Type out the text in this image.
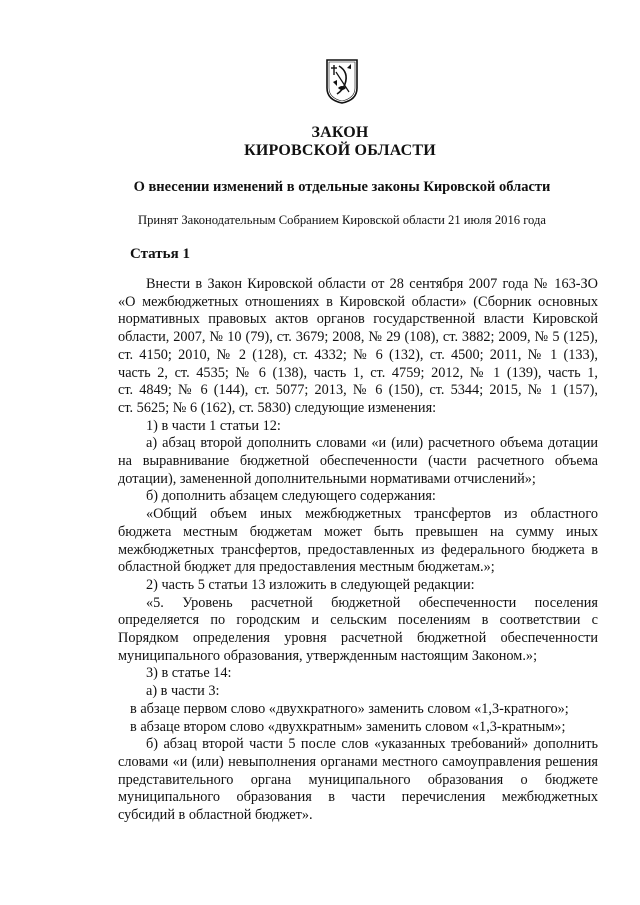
ЗАКОН
КИРОВСКОЙ ОБЛАСТИ
О внесении изменений в отдельные законы Кировской области
Принят Законодательным Собранием Кировской области 21 июля 2016 года
Статья 1
Внести в Закон Кировской области от 28 сентября 2007 года № 163-ЗО
«О межбюджетных отношениях в Кировской области» (Сборник основных
нормативных правовых актов органов государственной власти Кировской
области, 2007, № 10 (79), ст. 3679; 2008, № 29 (108), ст. 3882; 2009, № 5 (125),
ст. 4150; 2010, № 2 (128), ст. 4332; № 6 (132), ст. 4500; 2011, № 1 (133),
часть 2, ст. 4535; № 6 (138), часть 1, ст. 4759; 2012, № 1 (139), часть 1,
ст. 4849; № 6 (144), ст. 5077; 2013, № 6 (150), ст. 5344; 2015, № 1 (157),
ст. 5625; № 6 (162), ст. 5830) следующие изменения:
1) в части 1 статьи 12:
а) абзац второй дополнить словами «и (или) расчетного объема дотации
на выравнивание бюджетной обеспеченности (части расчетного объема
дотации), замененной дополнительными нормативами отчислений»;
б) дополнить абзацем следующего содержания:
«Общий объем иных межбюджетных трансфертов из областного
бюджета местным бюджетам может быть превышен на сумму иных
межбюджетных трансфертов, предоставленных из федерального бюджета в
областной бюджет для предоставления местным бюджетам.»;
2) часть 5 статьи 13 изложить в следующей редакции:
«5. Уровень расчетной бюджетной обеспеченности поселения
определяется по городским и сельским поселениям в соответствии с
Порядком определения уровня расчетной бюджетной обеспеченности
муниципального образования, утвержденным настоящим Законом.»;
3) в статье 14:
а) в части 3:
в абзаце первом слово «двухкратного» заменить словом «1,3-кратного»;
в абзаце втором слово «двухкратным» заменить словом «1,3-кратным»;
б) абзац второй части 5 после слов «указанных требований» дополнить
словами «и (или) невыполнения органами местного самоуправления решения
представительного органа муниципального образования о бюджете
муниципального образования в части перечисления межбюджетных
субсидий в областной бюджет».
